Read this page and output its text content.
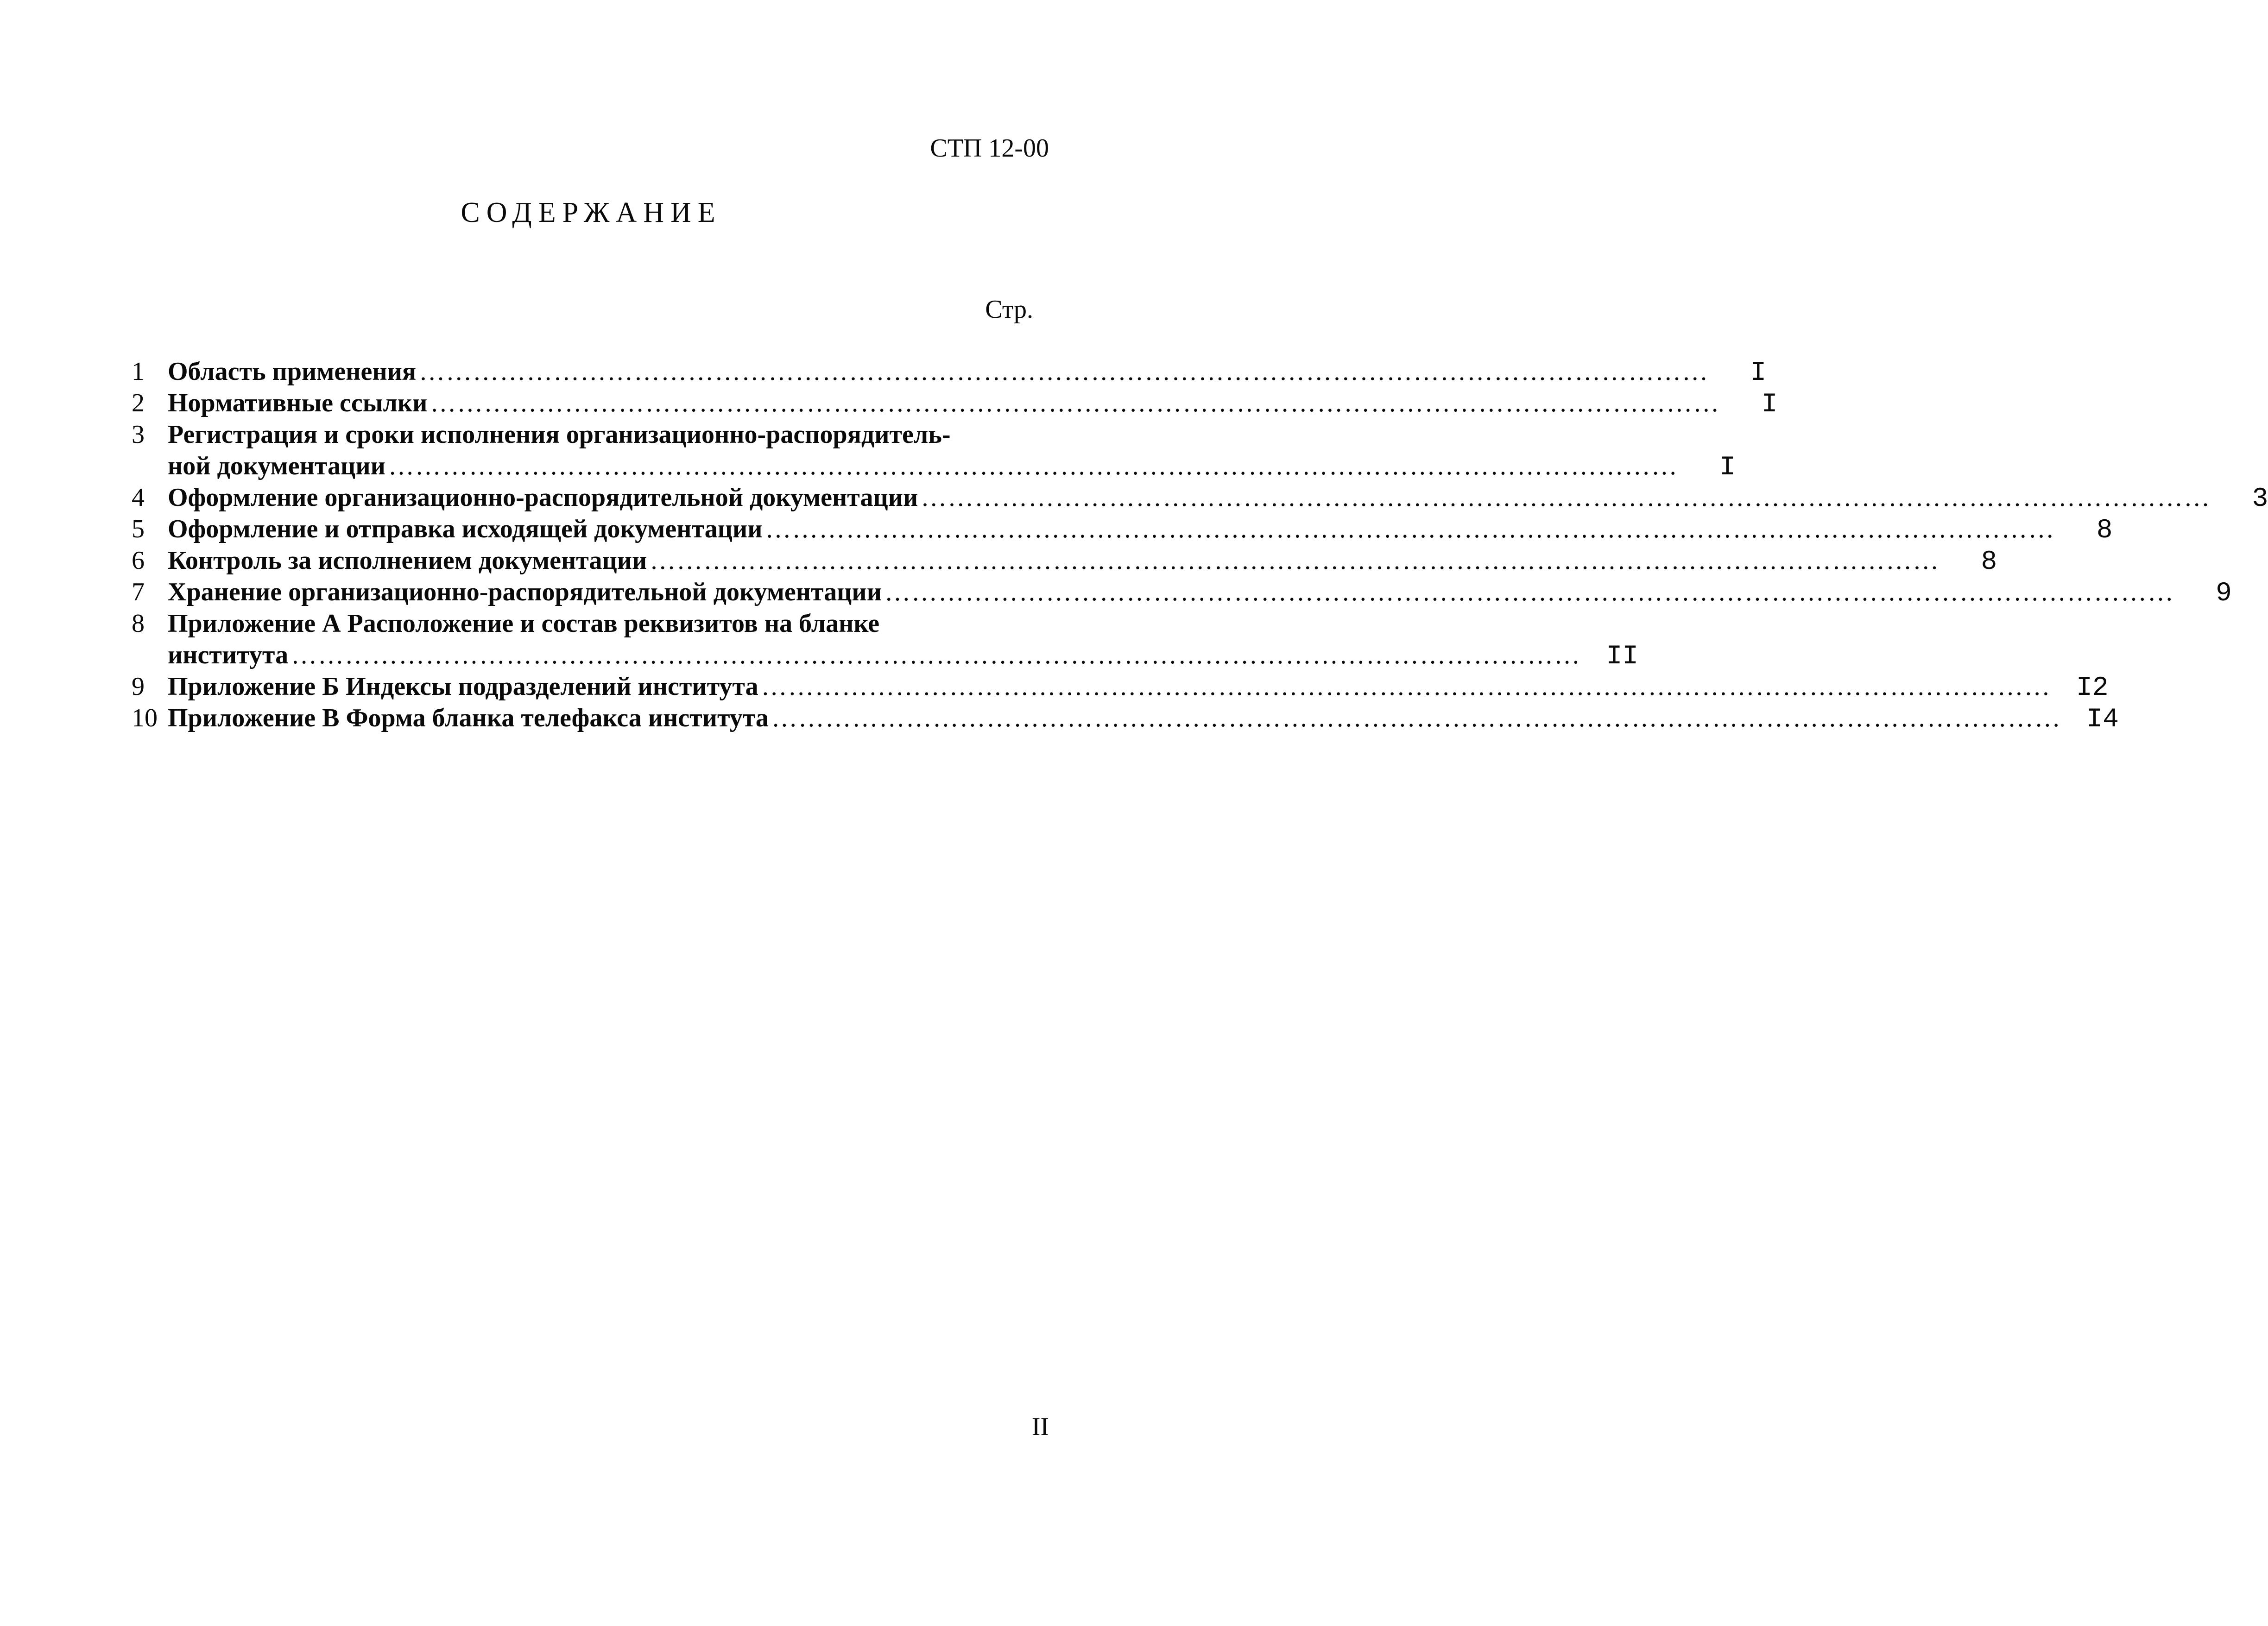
СТП 12-00
СОДЕРЖАНИЕ
Стр.
1 Область применения ………………………………………………………………………………………………………………………………	I
2 Нормативные ссылки ………………………………………………………………………………………………………………………………	I
3 Регистрация и сроки исполнения организационно-распорядитель-
ной документации ………………………………………………………………………………………………………………………………	I
4 Оформление организационно-распорядительной документации ………………………………………………………………………………………………………………………………	3
5 Оформление и отправка исходящей документации ………………………………………………………………………………………………………………………………	8
6 Контроль за исполнением документации ………………………………………………………………………………………………………………………………	8
7 Хранение организационно-распорядительной документации ………………………………………………………………………………………………………………………………	9
8 Приложение А Расположение и состав реквизитов на бланке
института ……………………………………………………………………………………………………………………………… II
9 Приложение Б Индексы подразделений института ……………………………………………………………………………………………………………………………… I2
10 Приложение В Форма бланка телефакса института ……………………………………………………………………………………………………………………………… I4
II
